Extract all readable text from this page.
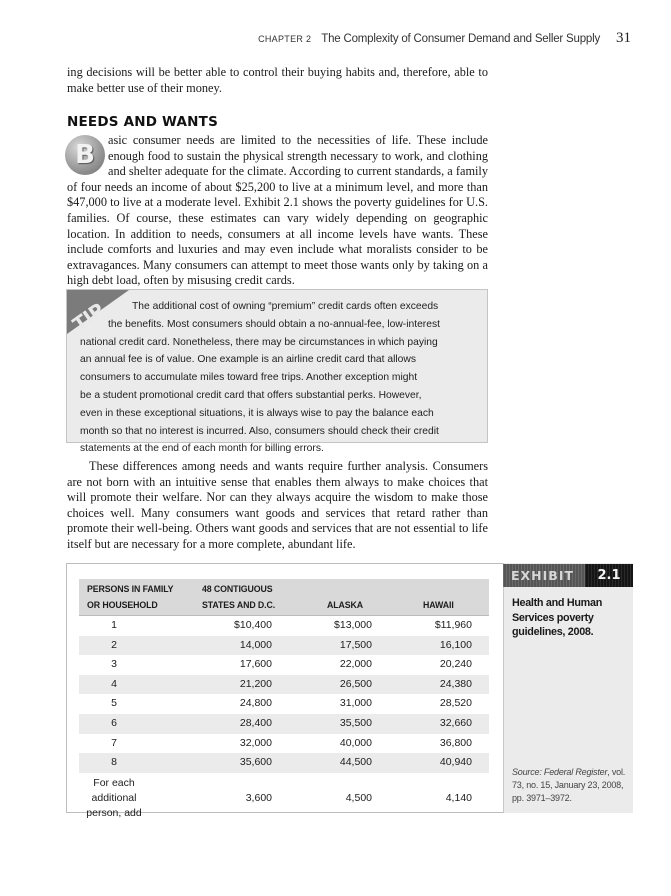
CHAPTER 2 The Complexity of Consumer Demand and Seller Supply 31
ing decisions will be better able to control their buying habits and, therefore, able to make better use of their money.
NEEDS AND WANTS
asic consumer needs are limited to the necessities of life. These include enough food to sustain the physical strength necessary to work, and clothing and shelter adequate for the climate. According to current standards, a family of four needs an income of about $25,200 to live at a minimum level, and more than $47,000 to live at a moderate level. Exhibit 2.1 shows the poverty guidelines for U.S. families. Of course, these estimates can vary widely depending on geographic location. In addition to needs, consumers at all income levels have wants. These include comforts and luxuries and may even include what moralists consider to be extravagances. Many consumers can attempt to meet those wants only by taking on a high debt load, often by misusing credit cards.
B
TIP	The additional cost of owning “premium” credit cards often exceeds
the benefits. Most consumers should obtain a no-annual-fee, low-interest
national credit card. Nonetheless, there may be circumstances in which paying
an annual fee is of value. One example is an airline credit card that allows
consumers to accumulate miles toward free trips. Another exception might
be a student promotional credit card that offers substantial perks. However,
even in these exceptional situations, it is always wise to pay the balance each
month so that no interest is incurred. Also, consumers should check their credit
statements at the end of each month for billing errors.
These differences among needs and wants require further analysis. Consumers are not born with an intuitive sense that enables them always to make choices that will promote their welfare. Nor can they always acquire the wisdom to make those choices well. Many consumers want goods and services that retard rather than promote their well-being. Others want goods and services that are not essential to life itself but are necessary for a more complete, abundant life.
EXHIBIT	2.1
Health and Human Services poverty guidelines, 2008.
Source: Federal Register, vol. 73, no. 15, January 23, 2008, pp. 3971–3972.
PERSONS IN FAMILY
OR HOUSEHOLD
48 CONTIGUOUS
STATES AND D.C.	ALASKA	HAWAII
1	$10,400	$13,000	$11,960
2	14,000	17,500	16,100
3	17,600	22,000	20,240
4	21,200	26,500	24,380
5	24,800	31,000	28,520
6	28,400	35,500	32,660
7	32,000	40,000	36,800
8	35,600	44,500	40,940
For each additional
person, add
3,600	4,500	4,140
